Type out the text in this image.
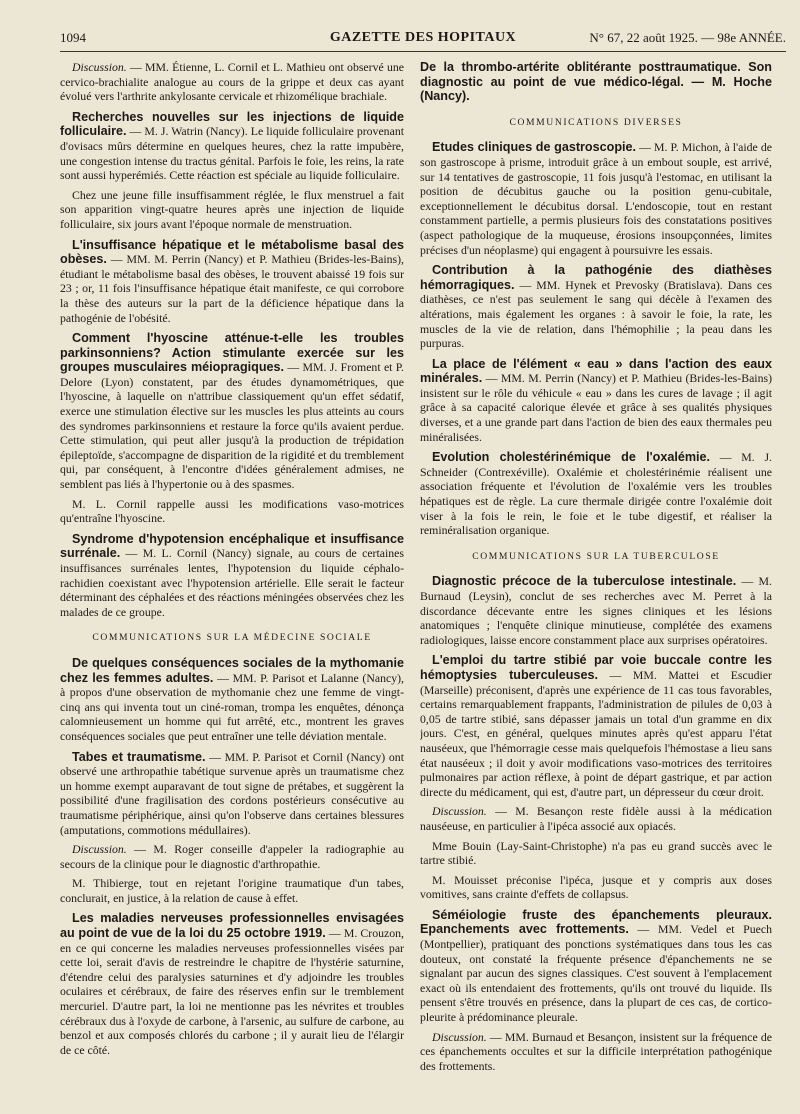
1094	GAZETTE DES HOPITAUX	N° 67, 22 août 1925. — 98e ANNÉE.

Discussion. — MM. Étienne, L. Cornil et L. Mathieu ont observé une cervico-brachialite analogue au cours de la grippe et deux cas ayant évolué vers l'arthrite ankylosante cervicale et rhizomélique brachiale.

Recherches nouvelles sur les injections de liquide folliculaire. — M. J. Watrin (Nancy). Le liquide folliculaire provenant d'ovisacs mûrs détermine en quelques heures, chez la ratte impubère, une congestion intense du tractus génital. Parfois le foie, les reins, la rate sont aussi hyperémiés. Cette réaction est spéciale au liquide folliculaire.

Chez une jeune fille insuffisamment réglée, le flux menstruel a fait son apparition vingt-quatre heures après une injection de liquide folliculaire, six jours avant l'époque normale de menstruation.

L'insuffisance hépatique et le métabolisme basal des obèses. — MM. M. Perrin (Nancy) et P. Mathieu (Brides-les-Bains), étudiant le métabolisme basal des obèses, le trouvent abaissé 19 fois sur 23 ; or, 11 fois l'insuffisance hépatique était manifeste, ce qui corrobore la thèse des auteurs sur la part de la déficience hépatique dans la pathogénie de l'obésité.

Comment l'hyoscine atténue-t-elle les troubles parkinsonniens? Action stimulante exercée sur les groupes musculaires méiopragiques. — MM. J. Froment et P. Delore (Lyon) constatent, par des études dynamométriques, que l'hyoscine, à laquelle on n'attribue classiquement qu'un effet sédatif, exerce une stimulation élective sur les muscles les plus atteints au cours des syndromes parkinsonniens et restaure la force qu'ils avaient perdue. Cette stimulation, qui peut aller jusqu'à la production de trépidation épileptoïde, s'accompagne de disparition de la rigidité et du tremblement qui, par conséquent, à l'encontre d'idées généralement admises, ne semblent pas liés à l'hypertonie ou à des spasmes.

M. L. Cornil rappelle aussi les modifications vaso-motrices qu'entraîne l'hyoscine.

Syndrome d'hypotension encéphalique et insuffisance surrénale. — M. L. Cornil (Nancy) signale, au cours de certaines insuffisances surrénales lentes, l'hypotension du liquide céphalo-rachidien coexistant avec l'hypotension artérielle. Elle serait le facteur déterminant des céphalées et des réactions méningées observées chez les malades de ce groupe.

COMMUNICATIONS SUR LA MÉDECINE SOCIALE

De quelques conséquences sociales de la mythomanie chez les femmes adultes. — MM. P. Parisot et Lalanne (Nancy), à propos d'une observation de mythomanie chez une femme de vingt-cinq ans qui inventa tout un ciné-roman, trompa les enquêtes, dénonça calomnieusement un homme qui fut arrêté, etc., montrent les graves conséquences sociales que peut entraîner une telle déviation mentale.

Tabes et traumatisme. — MM. P. Parisot et Cornil (Nancy) ont observé une arthropathie tabétique survenue après un traumatisme chez un homme exempt auparavant de tout signe de prétabes, et suggèrent la possibilité d'une fragilisation des cordons postérieurs consécutive au traumatisme périphérique, ainsi qu'on l'observe dans certaines blessures (amputations, commotions médullaires).

Discussion. — M. Roger conseille d'appeler la radiographie au secours de la clinique pour le diagnostic d'arthropathie.

M. Thibierge, tout en rejetant l'origine traumatique d'un tabes, conclurait, en justice, à la relation de cause à effet.

Les maladies nerveuses professionnelles envisagées au point de vue de la loi du 25 octobre 1919. — M. Crouzon, en ce qui concerne les maladies nerveuses professionnelles visées par cette loi, serait d'avis de restreindre le chapitre de l'hystérie saturnine, d'étendre celui des paralysies saturnines et d'y adjoindre les troubles oculaires et cérébraux, de faire des réserves enfin sur le tremblement mercuriel. D'autre part, la loi ne mentionne pas les névrites et troubles cérébraux dus à l'oxyde de carbone, à l'arsenic, au sulfure de carbone, au benzol et aux composés chlorés du carbone ; il y aurait lieu de l'élargir de ce côté.

De la thrombo-artérite oblitérante posttraumatique. Son diagnostic au point de vue médico-légal. — M. Hoche (Nancy).

COMMUNICATIONS DIVERSES

Etudes cliniques de gastroscopie. — M. P. Michon, à l'aide de son gastroscope à prisme, introduit grâce à un embout souple, est arrivé, sur 14 tentatives de gastroscopie, 11 fois jusqu'à l'estomac, en utilisant la position de décubitus gauche ou la position genu-cubitale, exceptionnellement le décubitus dorsal. L'endoscopie, tout en restant constamment partielle, a permis plusieurs fois des constatations positives (aspect pathologique de la muqueuse, érosions insoupçonnées, limites précises d'un néoplasme) qui engagent à poursuivre les essais.

Contribution à la pathogénie des diathèses hémorragiques. — MM. Hynek et Prevosky (Bratislava). Dans ces diathèses, ce n'est pas seulement le sang qui décèle à l'examen des altérations, mais également les organes : à savoir le foie, la rate, les muscles de la vie de relation, dans l'hémophilie ; la peau dans les purpuras.

La place de l'élément « eau » dans l'action des eaux minérales. — MM. M. Perrin (Nancy) et P. Mathieu (Brides-les-Bains) insistent sur le rôle du véhicule « eau » dans les cures de lavage ; il agit grâce à sa capacité calorique élevée et grâce à ses qualités physiques diverses, et a une grande part dans l'action de bien des eaux thermales peu minéralisées.

Evolution cholestérinémique de l'oxalémie. — M. J. Schneider (Contrexéville). Oxalémie et cholestérinémie réalisent une association fréquente et l'évolution de l'oxalémie vers les troubles hépatiques est de règle. La cure thermale dirigée contre l'oxalémie doit viser à la fois le rein, le foie et le tube digestif, et réaliser la reminéralisation organique.

COMMUNICATIONS SUR LA TUBERCULOSE

Diagnostic précoce de la tuberculose intestinale. — M. Burnaud (Leysin), conclut de ses recherches avec M. Perret à la discordance décevante entre les signes cliniques et les lésions anatomiques ; l'enquête clinique minutieuse, complétée des examens radiologiques, laisse encore constamment place aux surprises opératoires.

L'emploi du tartre stibié par voie buccale contre les hémoptysies tuberculeuses. — MM. Mattei et Escudier (Marseille) préconisent, d'après une expérience de 11 cas tous favorables, certains remarquablement frappants, l'administration de pilules de 0,03 à 0,05 de tartre stibié, sans dépasser jamais un total d'un gramme en dix jours. C'est, en général, quelques minutes après qu'est apparu l'état nauséeux, que l'hémorragie cesse mais quelquefois l'hémostase a lieu sans état nauséeux ; il doit y avoir modifications vaso-motrices des territoires pulmonaires par action réflexe, à point de départ gastrique, et par action directe du médicament, qui est, d'autre part, un dépresseur du cœur droit.

Discussion. — M. Besançon reste fidèle aussi à la médication nauséeuse, en particulier à l'ipéca associé aux opiacés.

Mme Bouin (Lay-Saint-Christophe) n'a pas eu grand succès avec le tartre stibié.

M. Mouisset préconise l'ipéca, jusque et y compris aux doses vomitives, sans crainte d'effets de collapsus.

Séméiologie fruste des épanchements pleuraux. Epanchements avec frottements. — MM. Vedel et Puech (Montpellier), pratiquant des ponctions systématiques dans tous les cas douteux, ont constaté la fréquente présence d'épanchements ne se signalant par aucun des signes classiques. C'est souvent à l'emplacement exact où ils entendaient des frottements, qu'ils ont trouvé du liquide. Ils pensent s'être trouvés en présence, dans la plupart de ces cas, de cortico-pleurite à prédominance pleurale.

Discussion. — MM. Burnaud et Besançon, insistent sur la fréquence de ces épanchements occultes et sur la difficile interprétation pathogénique des frottements.
